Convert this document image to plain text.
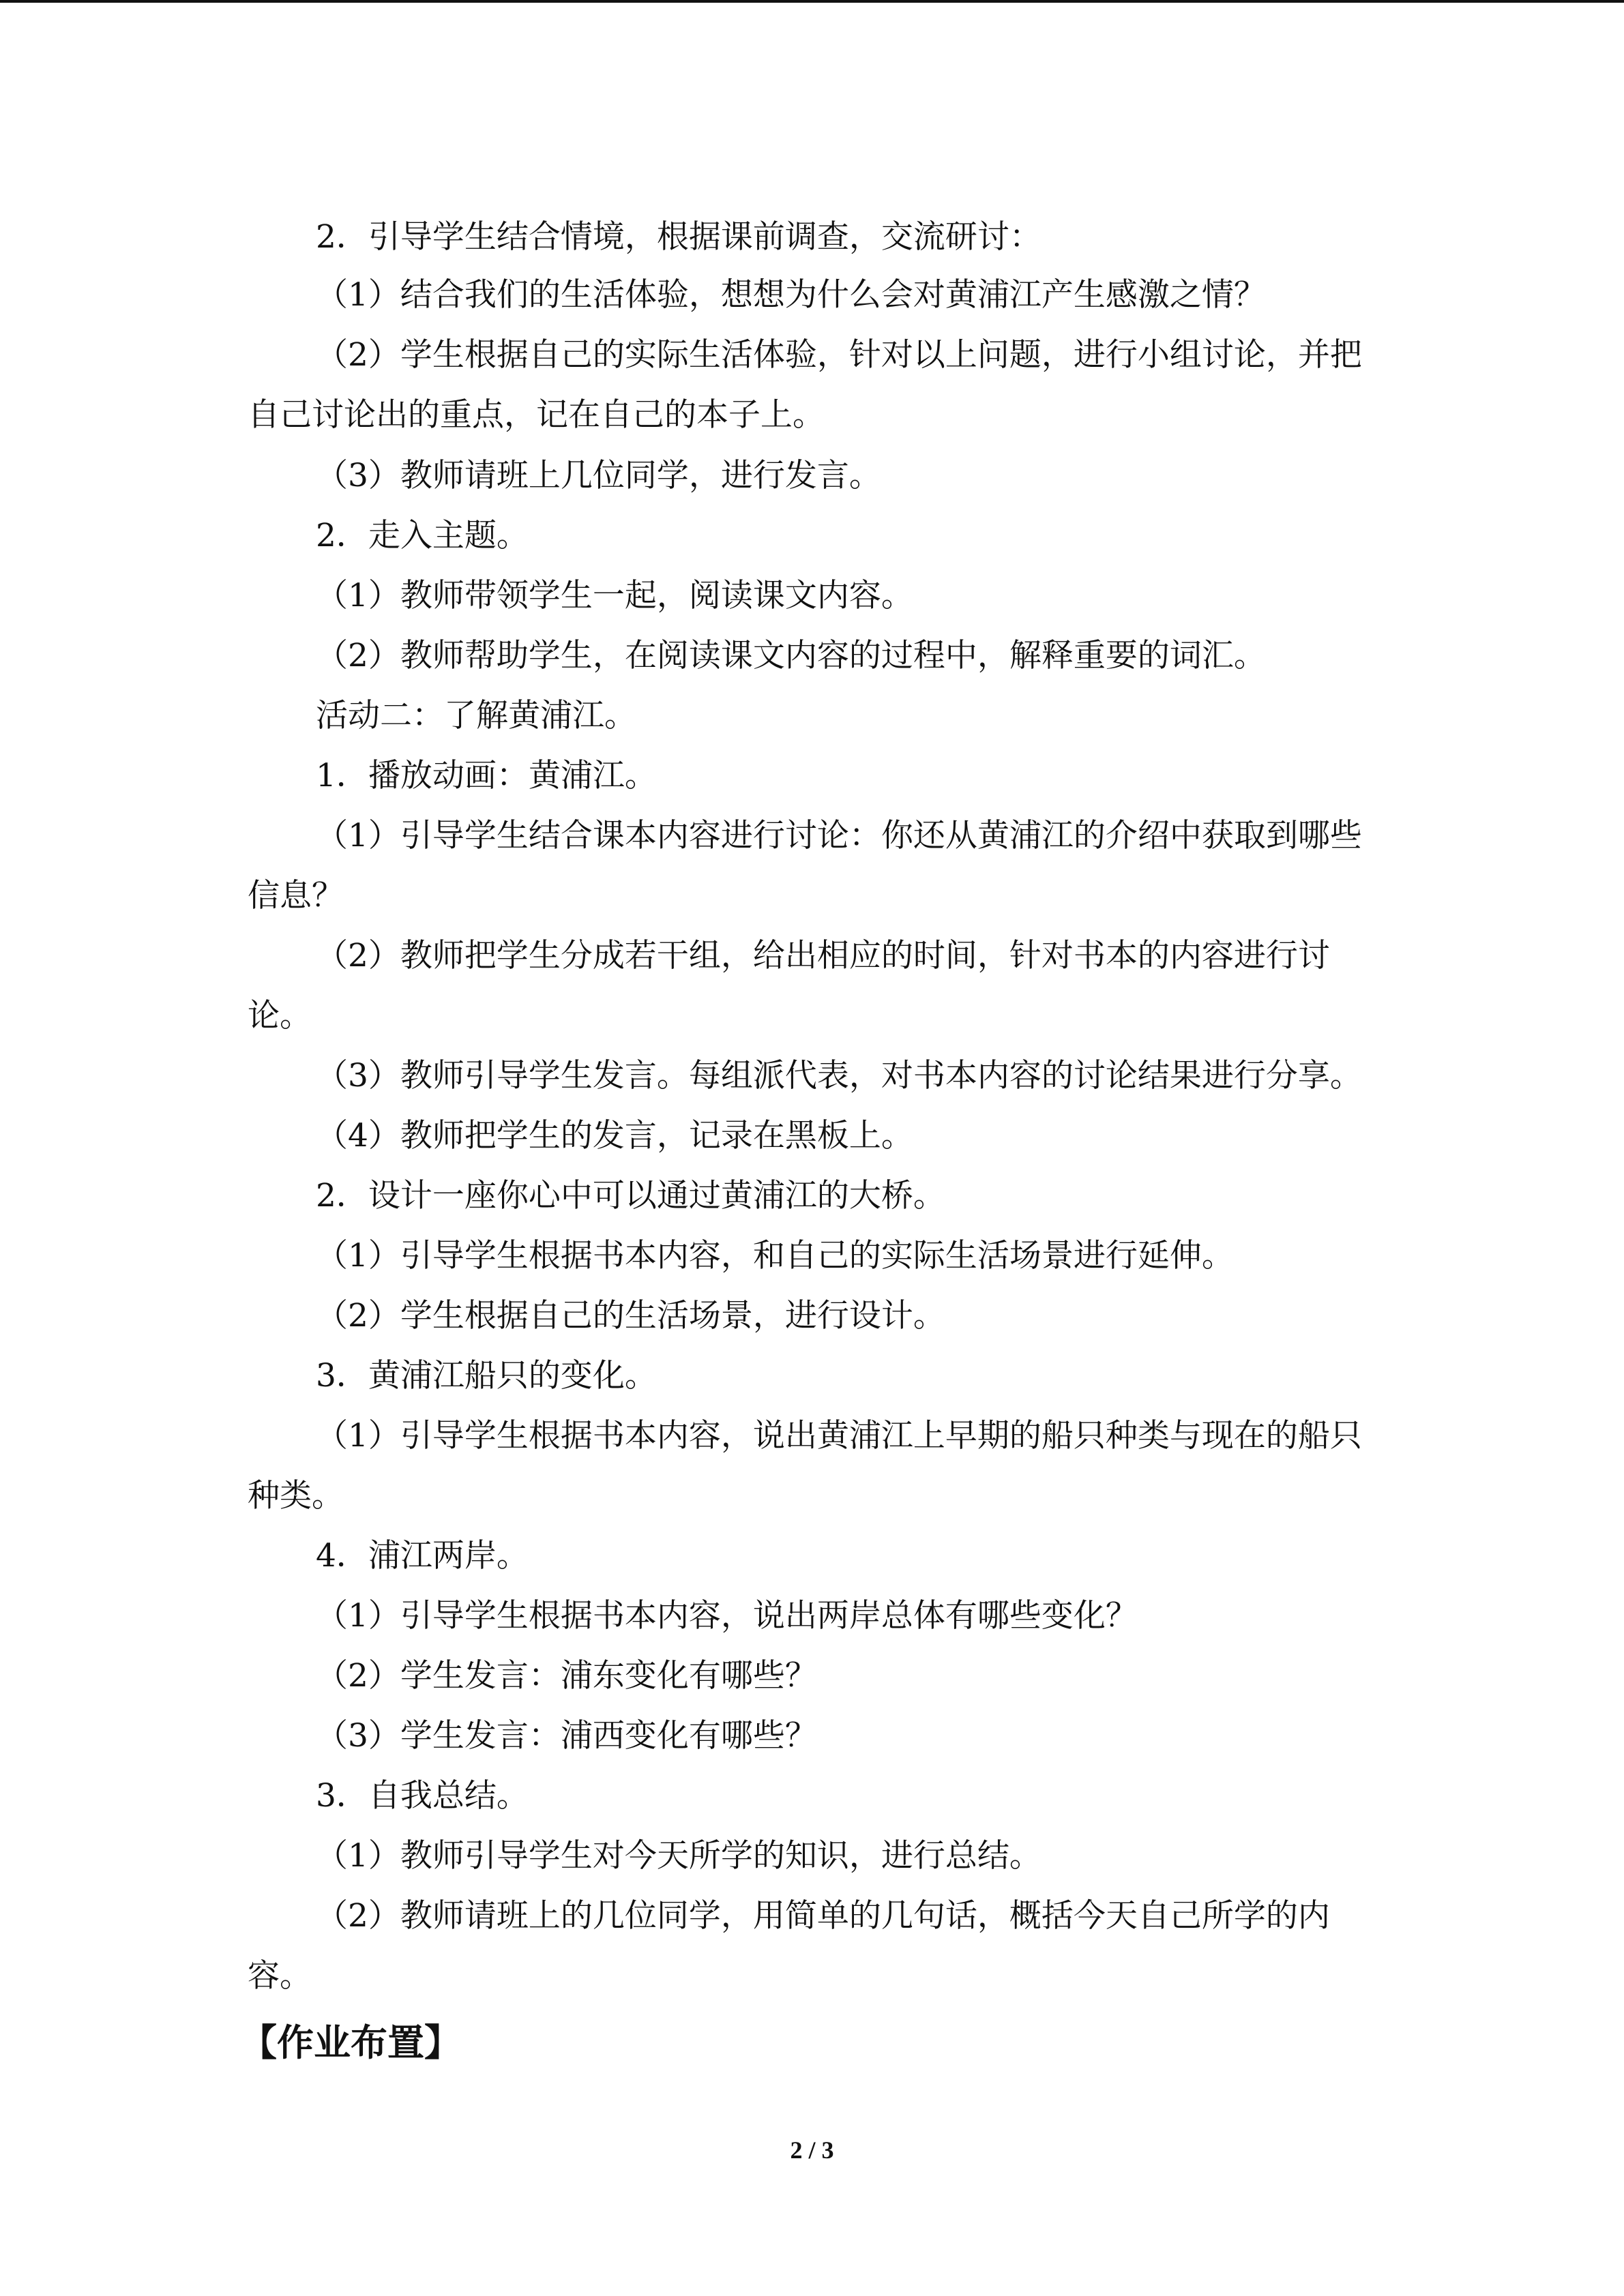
2．引导学生结合情境，根据课前调查，交流研讨：
（1）结合我们的生活体验，想想为什么会对黄浦江产生感激之情？
（2）学生根据自己的实际生活体验，针对以上问题，进行小组讨论，并把
自己讨论出的重点，记在自己的本子上。
（3）教师请班上几位同学，进行发言。
2．走入主题。
（1）教师带领学生一起，阅读课文内容。
（2）教师帮助学生，在阅读课文内容的过程中，解释重要的词汇。
活动二：了解黄浦江。
1．播放动画：黄浦江。
（1）引导学生结合课本内容进行讨论：你还从黄浦江的介绍中获取到哪些
信息？
（2）教师把学生分成若干组，给出相应的时间，针对书本的内容进行讨
论。
（3）教师引导学生发言。每组派代表，对书本内容的讨论结果进行分享。
（4）教师把学生的发言，记录在黑板上。
2．设计一座你心中可以通过黄浦江的大桥。
（1）引导学生根据书本内容，和自己的实际生活场景进行延伸。
（2）学生根据自己的生活场景，进行设计。
3．黄浦江船只的变化。
（1）引导学生根据书本内容，说出黄浦江上早期的船只种类与现在的船只
种类。
4．浦江两岸。
（1）引导学生根据书本内容，说出两岸总体有哪些变化？
（2）学生发言：浦东变化有哪些？
（3）学生发言：浦西变化有哪些？
3．自我总结。
（1）教师引导学生对今天所学的知识，进行总结。
（2）教师请班上的几位同学，用简单的几句话，概括今天自己所学的内
容。
【作业布置】
2 / 3
